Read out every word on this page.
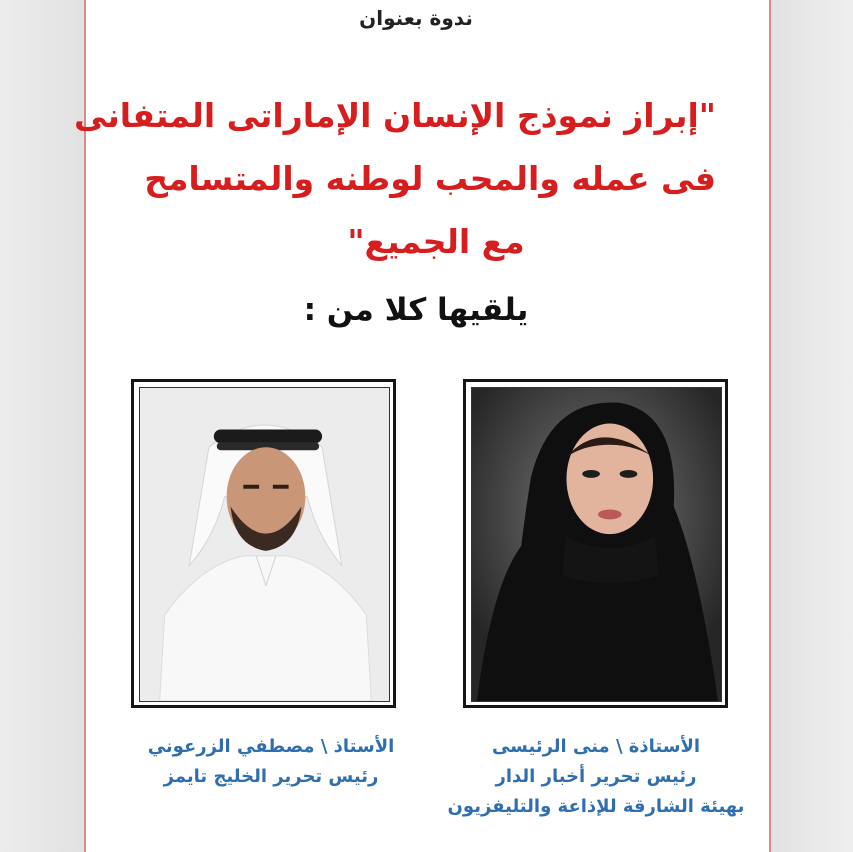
ندوة بعنوان
"إبراز نموذج الإنسان الإماراتى المتفانى
فى عمله والمحب لوطنه والمتسامح
مع الجميع"
يلقيها كلا من :
الأستاذ \ مصطفي الزرعوني
رئيس تحرير الخليج تايمز
الأستاذة \ منى الرئيسى
رئيس تحرير أخبار الدار
بهيئة الشارقة للإذاعة والتليفزيون
